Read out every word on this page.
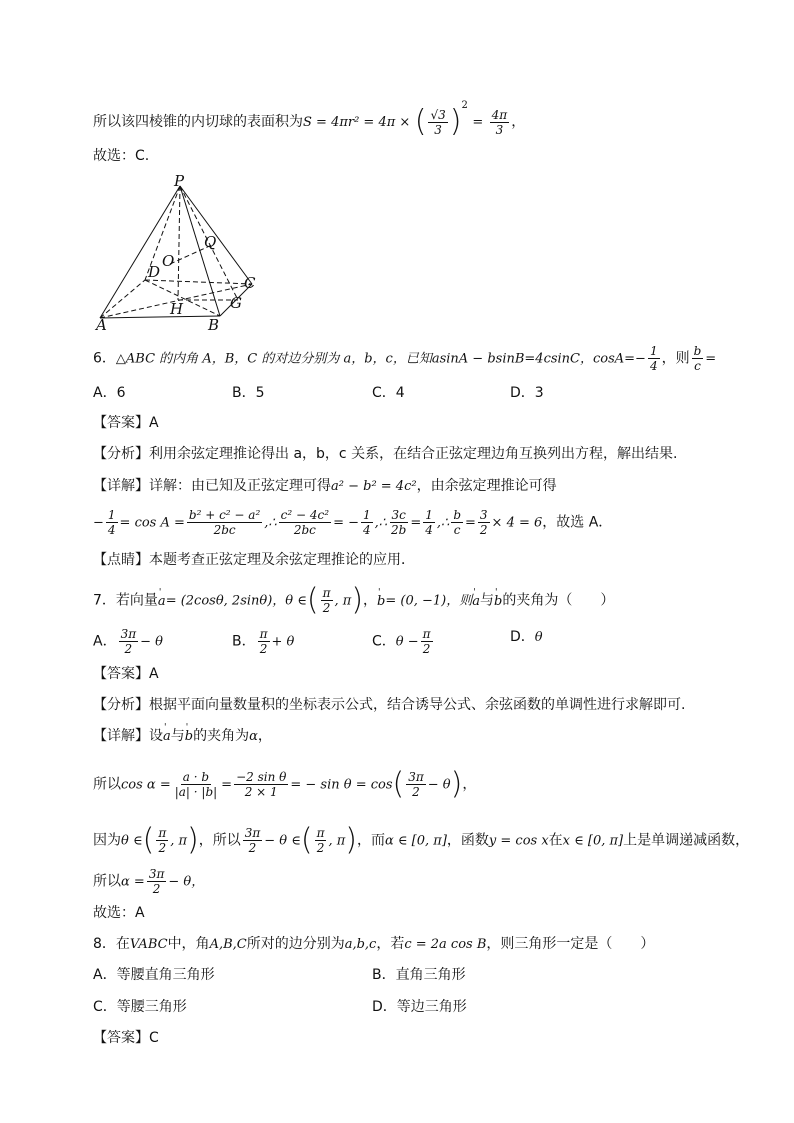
所以该四棱锥的内切球的表面积为S = 4πr² = 4π × ( $\frac{√3}{3} )^2 = \frac{4\pi}{3}$ ，
故选：C.
P
Q
O
D
C
G
H
A	B
6．△ABC 的内角 A，B，C 的对边分别为 a，b，c，已知asinA − bsinB=4csinC，$\cos A=- \frac{1}{4}$ ，则 $\frac{b}{c}$ =
A．6	B．5	C．4	D．3
【答案】A
【分析】利用余弦定理推论得出 a，b，c 关系，在结合正弦定理边角互换列出方程，解出结果.
【详解】详解：由已知及正弦定理可得a² − b² = 4c²，由余弦定理推论可得
− $\frac{1}{4} = \cos A = \frac{\text{b² + c² − a²}}{2bc}$ ,∴ $\frac{\text{c² − 4c²}}{2bc}$ = − $\frac{1}{4}$ ,∴ $\frac{3c}{2b} = \frac{1}{4}$ ,∴ $\frac{b}{c} = \frac{3}{2} \times 4 = 6$，故选 A．
【点睛】本题考查正弦定理及余弦定理推论的应用．
7．若向量' a= (2cosθ, 2sinθ)，θ ∈( $\frac{\pi}{2}$ , π)，' b= (0, −1)，则' a与' b的夹角为（　　）
A． $\frac{3\pi}{2} - \theta$	B． $\frac{\pi}{2} + \theta$	C．$\theta - \frac{\pi}{2}$	D．θ
【答案】A
【分析】根据平面向量数量积的坐标表示公式，结合诱导公式、余弦函数的单调性进行求解即可.
【详解】设' a与' b的夹角为α，
所以$\cos \alpha = \frac{a \cdot b}{|a| \cdot |b|} = \frac{\text{−2 sin θ}}{2 \times 1}$ = − $\sin \theta = \cos( \frac{3\pi}{2} - \theta)$，
因为θ ∈( $\frac{\pi}{2}$ , π)，所以 $\frac{3\pi}{2} - \theta$ ∈( $\frac{\pi}{2}$ , π)，而α ∈ [0, π]，函数y = cos x在x ∈ [0, π]上是单调递减函数，
所以$\alpha = \frac{3\pi}{2} - \theta$，
故选：A
8．在VABC中，角A,B,C所对的边分别为a,b,c，若c = 2a cos B，则三角形一定是（　　）
A．等腰直角三角形	B．直角三角形
C．等腰三角形	D．等边三角形
【答案】C
